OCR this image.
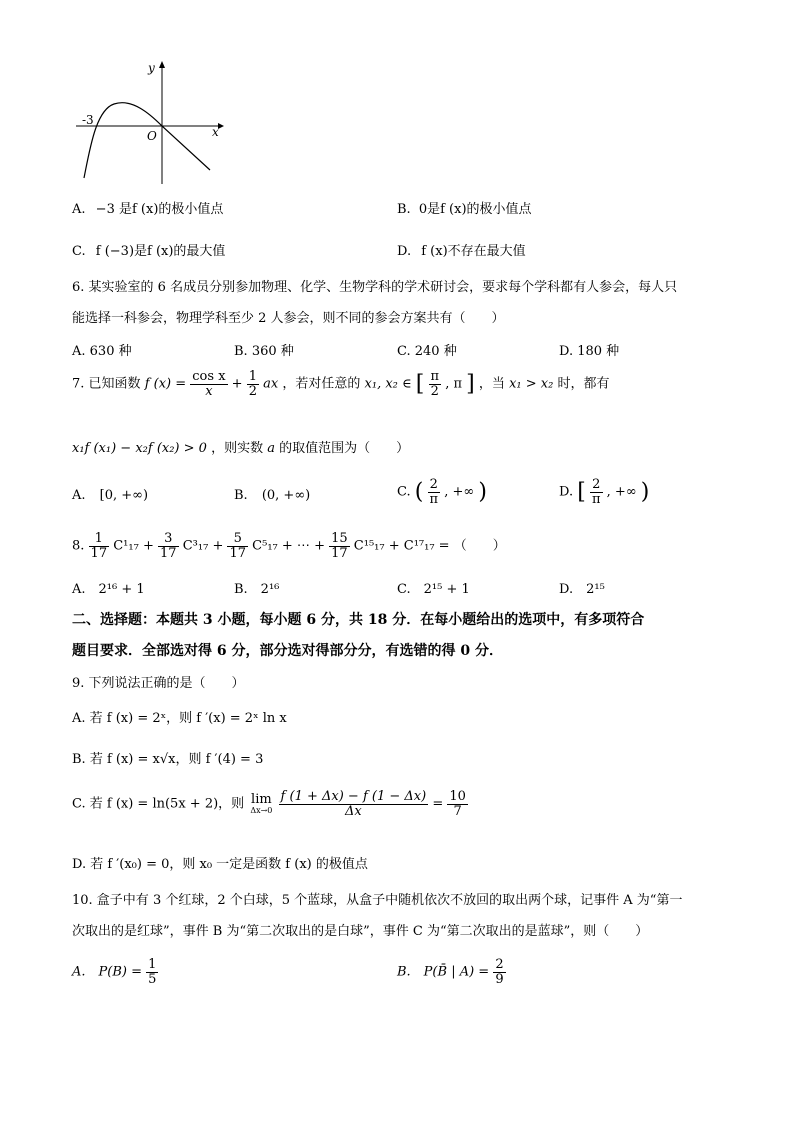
y
x
O
-3
A. −3 是f (x)的极小值点	B. 0是f (x)的极小值点
C. f (−3)是f (x)的最大值	D. f (x)不存在最大值
6. 某实验室的 6 名成员分别参加物理、化学、生物学科的学术研讨会，要求每个学科都有人参会，每人只
能选择一科参会，物理学科至少 2 人参会，则不同的参会方案共有（　　）
A. 630 种	B. 360 种	C. 240 种	D. 180 种
7. 已知函数 f $(x) = \frac{\text{cos x}}{x} + \frac{1}{2}$ ax ，若对任意的 x₁, x₂ ∈ [ $\frac{\pi}{2}$ , π ] ，当 x₁ > x₂ 时，都有
x₁f (x₁) − x₂f (x₂) > 0 ，则实数 a 的取值范围为（　　）
A. [0, +∞)	B. (0, +∞)	C. ( $\frac{2}{\pi}$ , +∞ )	D. [ $\frac{2}{\pi}$ , +∞ )
8. $\frac{1}{17} C^1_{17} + \frac{3}{17} C^3_{17} + \frac{5}{17} C^5_{17}$ + ⋯ + $\frac{15}{17} C^{15}_{17} + C^{17}_{17}$ = （　　）
A.　2¹⁶ + 1	B.　2¹⁶	C.　2¹⁵ + 1	D.　2¹⁵
二、选择题：本题共 3 小题，每小题 6 分，共 18 分．在每小题给出的选项中，有多项符合
题目要求．全部选对得 6 分，部分选对得部分分，有选错的得 0 分．
9. 下列说法正确的是（　　）
A. 若 f (x) = 2ˣ，则 f ′(x) = 2ˣ ln x
B. 若 f (x) = x√x，则 f ′(4) = 3
C. 若 f (x) = ln(5x + 2)，则 lim
Δx→0
$\frac{f (1 + \Delta x) - f (1 - \Delta x)}{\Delta x} = \frac{10}{7}$
D. 若 f ′(x₀) = 0，则 x₀ 一定是函数 f (x) 的极值点
10. 盒子中有 3 个红球，2 个白球，5 个蓝球，从盒子中随机依次不放回的取出两个球，记事件 A 为“第一
次取出的是红球”，事件 B 为“第二次取出的是白球”，事件 C 为“第二次取出的是蓝球”，则（　　）
A.　$P(B) = \frac{1}{5}$	B.　P(B̄ | $A) = \frac{2}{9}$
